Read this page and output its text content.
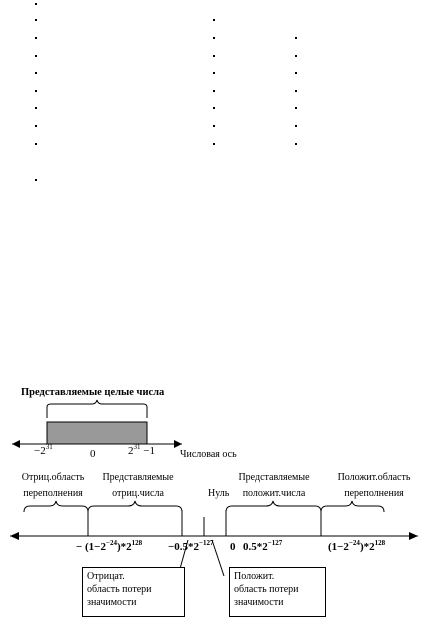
Представляемые целые числа
$-2^{31}$
0	$2^{31} -1$	Числовая ось
Отриц.область
переполнения
Представляемые
отриц.числа	Нуль
Представляемые
положит.числа
Положит.область
переполнения
− $(1-2^{-24})*2^{128} -0.5*2^{-127}$ 0 $0.5*2^{-127}$	$(1-2^{-24})*2^{128}$
Отрицат.
область потери
значимости
Положит.
область потери
значимости
